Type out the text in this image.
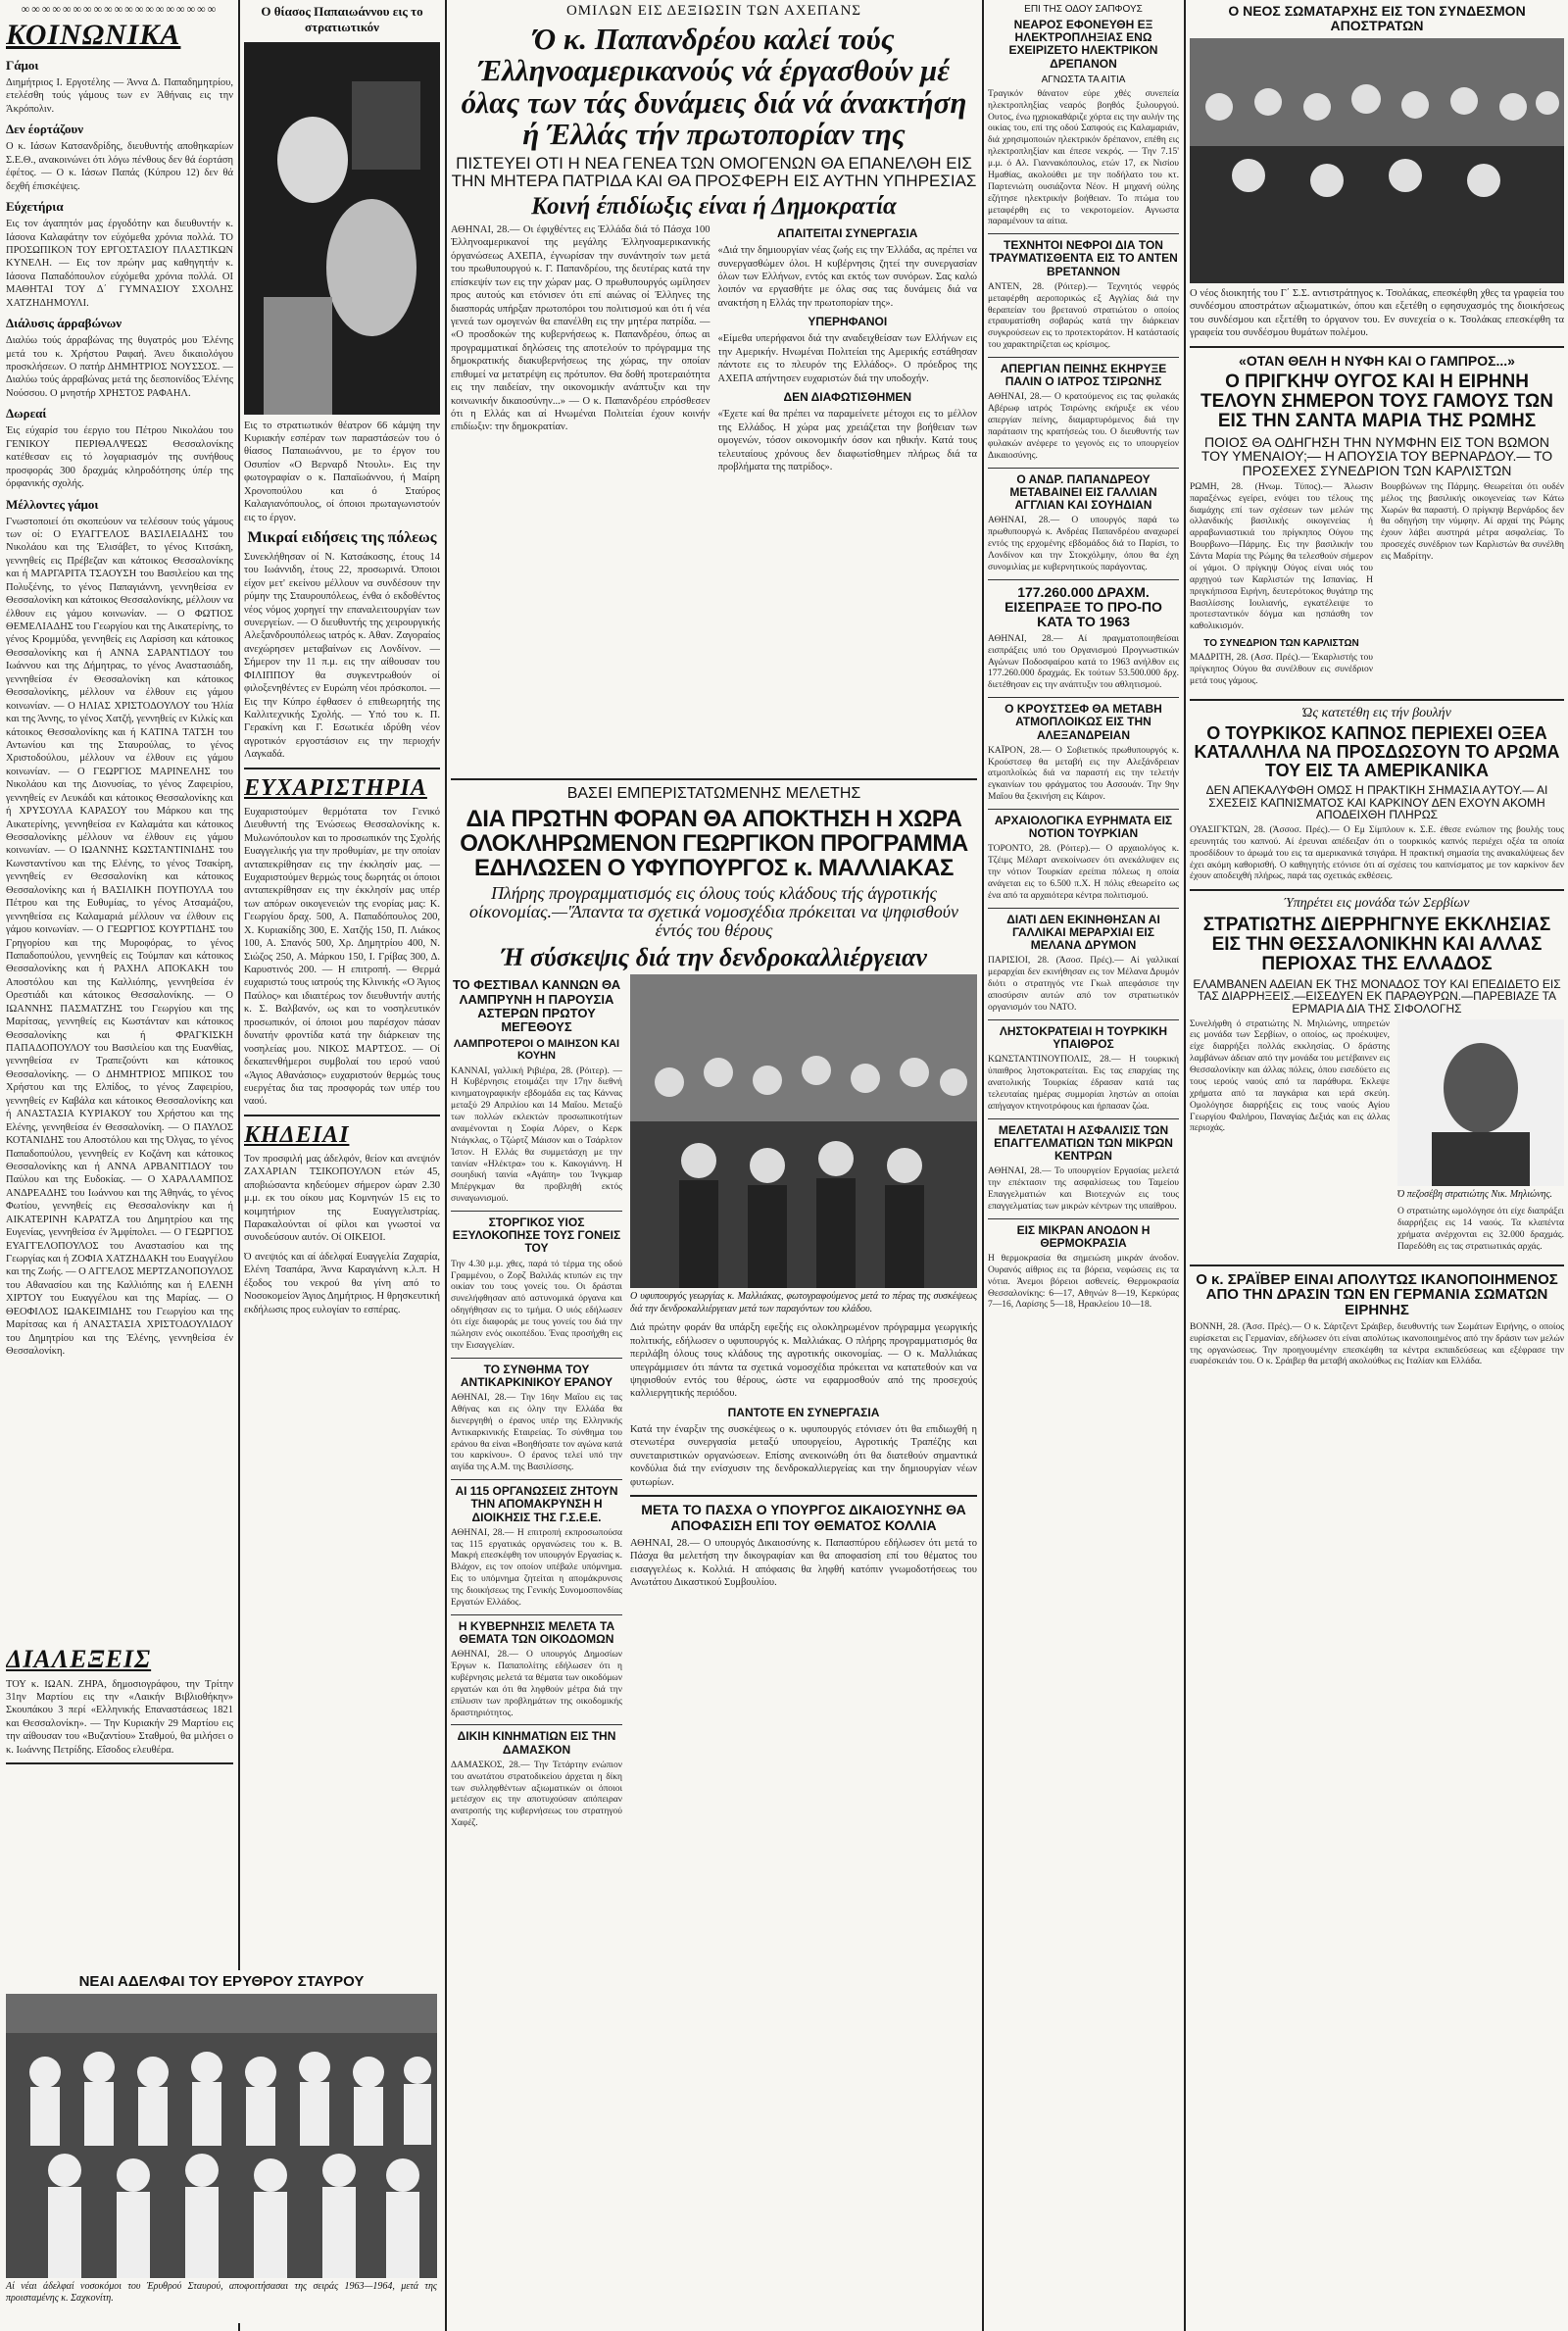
∞∞∞∞∞∞∞∞∞∞∞∞∞∞∞∞∞∞∞
ΚΟΙΝΩΝΙΚΑ
Γάμοι

Διημήτριος Ι. Εργοτέλης — Άννα Δ. Παπαδημητρίου, ετελέσθη τούς γάμους των εν Άθήναις εις την Άκρόπολιν.

Δεν έορτάζουν

Ο κ. Ιάσων Κατσανδρίδης, διευθυντής αποθηκαρίων Σ.Ε.Θ., ανακοινώνει ότι λόγω πένθους δεν θά έορτάση έφέτος. — Ο κ. Ιάσων Παπάς (Κύπρου 12) δεν θά δεχθή έπισκέψεις.

Εύχετήρια

Εις τον άγαπητόν μας έργοδότην και διευθυντήν κ. Ιάσονα Καλαφάτην τον εύχόμεθα χρόνια πολλά. ΤΟ ΠΡΟΣΩΠΙΚΟΝ ΤΟΥ ΕΡΓΟΣΤΑΣΙΟΥ ΠΛΑΣΤΙΚΩΝ ΚΥΝΕΛΗ. — Εις τον πρώην μας καθηγητήν κ. Ιάσονα Παπαδόπουλον εύχόμεθα χρόνια πολλά. ΟΙ ΜΑΘΗΤΑΙ ΤΟΥ Δ΄ ΓΥΜΝΑΣΙΟΥ ΣΧΟΛΗΣ ΧΑΤΖΗΔΗΜΟΥΛΙ.

Διάλυσις άρραβώνων

Διαλύω τούς άρραβώνας της θυγατρός μου Έλένης μετά του κ. Χρήστου Ραφαή. Άνευ δικαιολόγου προσκλήσεων. Ο πατήρ ΔΗΜΗΤΡΙΟΣ ΝΟΥΣΣΟΣ. — Διαλύω τούς άρραβώνας μετά της δεσποινίδος Έλένης Νούσσου. Ο μνηστήρ ΧΡΗΣΤΟΣ ΡΑΦΑΗΛ.

Δωρεαί

Έις εύχαρίσ του έεργιο του Πέτρου Νικολάου του ΓΕΝΙΚΟΥ ΠΕΡΙΘΑΛΨΕΩΣ Θεσσαλονίκης κατέθεσαν εις τό λογαριασμόν της συνήθους προσφοράς 300 δραχμάς κληροδότησης ύπέρ της όρφανικής σχολής.

Μέλλοντες γάμοι

Γνωστοποιεί ότι σκοπεύουν να τελέσουν τούς γάμους των οί: Ο ΕΥΑΓΓΕΛΟΣ ΒΑΣΙΛΕΙΑΔΗΣ του Νικολάου και της Έλισάβετ, το γένος Κιτσάκη, γεννηθείς εις Πρέβεζαν και κάτοικος Θεσσαλονίκης και ή ΜΑΡΓΑΡΙΤΑ ΤΣΑΟΥΣΗ του Βασιλείου και της Πολυξένης, το γένος Παπαγιάννη, γεννηθείσα εν Θεσσαλονίκη και κάτοικος Θεσσαλονίκης, μέλλουν να έλθουν εις γάμου κοινωνίαν. — Ο ΦΩΤΙΟΣ ΘΕΜΕΛΙΑΔΗΣ του Γεωργίου και της Αικατερίνης, το γένος Κρομμύδα, γεννηθείς εις Λαρίσση και κάτοικος Θεσσαλονίκης και ή ΑΝΝΑ ΣΑΡΑΝΤΙΔΟΥ του Ιωάννου και της Δήμητρας, το γένος Αναστασιάδη, γεννηθείσα έν Θεσσαλονίκη και κάτοικος Θεσσαλονίκης, μέλλουν να έλθουν εις γάμου κοινωνίαν. — Ο ΗΛΙΑΣ ΧΡΙΣΤΟΔΟΥΛΟΥ του Ήλία και της Άννης, το γένος Χατζή, γεννηθείς εν Κιλκίς και κάτοικος Θεσσαλονίκης και ή ΚΑΤΙΝΑ ΤΑΤΣΗ του Αντωνίου και της Σταυρούλας, το γένος Χριστοδούλου, μέλλουν να έλθουν εις γάμου κοινωνίαν. — Ο ΓΕΩΡΓΙΟΣ ΜΑΡΙΝΕΛΗΣ του Νικολάου και της Διονυσίας, το γένος Ζαφειρίου, γεννηθείς εν Λευκάδι και κάτοικος Θεσσαλονίκης και ή ΧΡΥΣΟΥΛΑ ΚΑΡΑΣΟΥ του Μάρκου και της Αικατερίνης, γεννηθείσα εν Καλαμάτα και κάτοικος Θεσσαλονίκης μέλλουν να έλθουν εις γάμου κοινωνίαν. — Ο ΙΩΑΝΝΗΣ ΚΩΣΤΑΝΤΙΝΙΔΗΣ του Κωνσταντίνου και της Ελένης, το γένος Τσακίρη, γεννηθείς εν Θεσσαλονίκη και κάτοικος Θεσσαλονίκης και ή ΒΑΣΙΛΙΚΗ ΠΟΥΠΟΥΛΑ του Πέτρου και της Ευθυμίας, το γένος Ατσαμάζου, γεννηθείσα εις Καλαμαριά μέλλουν να έλθουν εις γάμου κοινωνίαν. — Ο ΓΕΩΡΓΙΟΣ ΚΟΥΡΤΙΔΗΣ του Γρηγορίου και της Μυροφόρας, το γένος Παπαδοπούλου, γεννηθείς εις Τούμπαν και κάτοικος Θεσσαλονίκης και ή ΡΑΧΗΛ ΑΠΟΚΑΚΗ του Αποστόλου και της Καλλιόπης, γεννηθείσα έν Ορεστιάδι και κάτοικος Θεσσαλονίκης. — Ο ΙΩΑΝΝΗΣ ΠΑΣΜΑΤΖΗΣ του Γεωργίου και της Μαρίτσας, γεννηθείς εις Κωστάνταν και κάτοικος Θεσσαλονίκης και ή ΦΡΑΓΚΙΣΚΗ ΠΑΠΑΔΟΠΟΥΛΟΥ του Βασιλείου και της Ευανθίας, γεννηθείσα εν Τραπεζούντι και κάτοικος Θεσσαλονίκης. — Ο ΔΗΜΗΤΡΙΟΣ ΜΠΙΚΟΣ του Χρήστου και της Ελπίδος, το γένος Ζαφειρίου, γεννηθείς εν Καβάλα και κάτοικος Θεσσαλονίκης και ή ΑΝΑΣΤΑΣΙΑ ΚΥΡΙΑΚΟΥ του Χρήστου και της Ελένης, γεννηθείσα έν Θεσσαλονίκη. — Ο ΠΑΥΛΟΣ ΚΟΤΑΝΙΔΗΣ του Αποστόλου και της Όλγας, το γένος Παπαδοπούλου, γεννηθείς εν Κοζάνη και κάτοικος Θεσσαλονίκης και ή ΑΝΝΑ ΑΡΒΑΝΙΤΙΔΟΥ του Παύλου και της Ευδοκίας. — Ο ΧΑΡΑΛΑΜΠΟΣ ΑΝΔΡΕΑΔΗΣ του Ιωάννου και της Άθηνάς, το γένος Φωτίου, γεννηθείς εις Θεσσαλονίκην και ή ΑΙΚΑΤΕΡΙΝΗ ΚΑΡΑΤΖΑ του Δημητρίου και της Ευγενίας, γεννηθείσα έν Άμφίπολει. — Ο ΓΕΩΡΓΙΟΣ ΕΥΑΓΓΕΛΟΠΟΥΛΟΣ του Αναστασίου και της Γεωργίας και ή ΖΟΦΙΑ ΧΑΤΖΗΔΑΚΗ του Ευαγγέλου και της Ζωής. — Ο ΑΓΓΕΛΟΣ ΜΕΡΤΖΑΝΟΠΟΥΛΟΣ του Αθανασίου και της Καλλιόπης και ή ΕΛΕΝΗ ΧΙΡΤΟΥ του Ευαγγέλου και της Μαρίας. — Ο ΘΕΟΦΙΛΟΣ ΙΩΑΚΕΙΜΙΔΗΣ του Γεωργίου και της Μαρίτσας και ή ΑΝΑΣΤΑΣΙΑ ΧΡΙΣΤΟΔΟΥΛΙΔΟΥ του Δημητρίου και της Έλένης, γεννηθείσα έν Θεσσαλονίκη.

ΔΙΑΛΕΞΕΙΣ

ΤΟΥ κ. ΙΩΑΝ. ΖΗΡΑ, δημοσιογράφου, την Τρίτην 31ην Μαρτίου εις την «Λαικήν Βιβλιοθήκην» Σκουπάκου 3 περί «Ελληνικής Επαναστάσεως 1821 και Θεσσαλονίκη». — Την Κυριακήν 29 Μαρτίου εις την αίθουσαν του «Βυζαντίου» Σταθμού, θα μιλήσει ο κ. Ιωάννης Πετρίδης. Εΐσοδος ελευθέρα.

ΝΕΑΙ ΑΔΕΛΦΑΙ ΤΟΥ ΕΡΥΘΡΟΥ ΣΤΑΥΡΟΥ
Αί νέαι άδελφαί νοσοκόμοι του Έρυθρού Σταυρού, αποφοιτήσασαι της σειράς 1963—1964, μετά της προισταμένης κ. Σαχκονίτη.
Ο θίασος Παπαιωάννου εις το στρατιωτικόν

Εις το στρατιωτικόν θέατρον 66 κάμψη την Κυριακήν εσπέραν των παραστάσεών του ό θίασος Παπαιωάννου, με το έργον του Οσυπίον «Ο Βερναρδ Ντουλι». Εις την φωτογραφίαν ο κ. Παπαϊωάννου, ή Μαίρη Χρονοπούλου και ό Σταύρος Καλαγιανόπουλος, οί όποιοι πρωταγωνιστούν εις το έργον.

Μικραί ειδήσεις της πόλεως

Συνεκλήθησαν οί Ν. Κατσάκοσης, έτους 14 του Ιωάννιδη, έτους 22, προσωρινά. Όποιοι είχον μετ' εκείνου μέλλουν να συνδέσουν την ρύμην της Σταυρουπόλεως, ένθα ό εκδοθέντος νέος νόμος χορηγεί την επαναλειτουργίαν των συνεργείων. — Ο διευθυντής της χειρουργικής Αλεξανδρουπόλεως ιατρός κ. Αθαν. Ζαγοραίος ανεχώρησεν μεταβαίνων εις Λονδίνον. — Σήμερον την 11 π.μ. εις την αίθουσαν του ΦΙΛΙΠΠΟΥ θα συγκεντρωθούν οί φιλοξενηθέντες εν Ευρώπη νέοι πρόσκοποι. — Εις την Κύπρο έφθασεν ό επιθεωρητής της Καλλιτεχνικής Σχολής. — Υπό του κ. Π. Γερακίνη και Γ. Εσωτικέα ιδρύθη νέον αγροτικόν εργοστάσιον εις την περιοχήν Λαγκαδά.

ΕΥΧΑΡΙΣΤΗΡΙΑ

Ευχαριστούμεν θερμότατα τον Γενικό Διευθυντή της Ένώσεως Θεσσαλονίκης κ. Μυλωνόπουλον και το προσωπικόν της Σχολής Ευαγγελικής για την προθυμίαν, με την οποίαν ανταπεκρίθησαν εις την έκκλησίν μας. — Ευχαριστούμεν θερμώς τους δωρητάς οι όποιοι ανταπεκρίθησαν εις την έκκλησίν μας υπέρ των απόρων οικογενειών της ενορίας μας: Κ. Γεωργίου δραχ. 500, Α. Παπαδόπουλος 200, Χ. Κυριακίδης 300, Ε. Χατζής 150, Π. Λιάκος 100, Α. Σπανός 500, Χρ. Δημητρίου 400, Ν. Σιώζος 250, Α. Μάρκου 150, Ι. Γρίβας 300, Δ. Καρυστινός 200. — Η επιτροπή. — Θερμά ευχαριστώ τους ιατρούς της Κλινικής «Ο Άγιος Παύλος» και ιδιαιτέρως τον διευθυντήν αυτής κ. Σ. Βαλβανόν, ως και το νοσηλευτικόν προσωπικόν, οί όποιοι μου παρέσχον πάσαν δυνατήν φροντίδα κατά την διάρκειαν της νοσηλείας μου. ΝΙΚΟΣ ΜΑΡΤΣΟΣ. — Οί δεκαπενθήμεροι συμβολαί του ιερού ναού «Άγιος Αθανάσιος» ευχαριστούν θερμώς τους ευεργέτας δια τας προσφοράς των υπέρ του ναού.

ΚΗΔΕΙΑΙ

Τον προσφιλή μας άδελφόν, θείον και ανεψιόν ΖΑΧΑΡΙΑΝ ΤΣΙΚΟΠΟΥΛΟΝ ετών 45, αποβιώσαντα κηδεύομεν σήμερον ώραν 2.30 μ.μ. εκ του οίκου μας Κομνηνών 15 εις το κοιμητήριον της Ευαγγελιστρίας. Παρακαλούνται οί φίλοι και γνωστοί να συνοδεύσουν αυτόν. Οί ΟΙΚΕΙΟΙ.

Ό ανεψιός και αί άδελφαί Ευαγγελία Ζαχαρία, Ελένη Τσαπάρα, Άννα Καραγιάννη κ.λ.π. Η έξοδος του νεκρού θα γίνη από το Νοσοκομείον Άγιος Δημήτριος. Η θρησκευτική εκδήλωσις προς ευλογίαν το εσπέρας.

ΟΜΙΛΩΝ ΕΙΣ ΔΕΞΙΩΣΙΝ ΤΩΝ ΑΧΕΠΑΝΣ
Ό κ. Παπανδρέου καλεί τούς Έλληνοαμερικανούς νά έργασθούν μέ όλας των τάς δυνάμεις διά νά άνακτήση ή Έλλάς τήν πρωτοπορίαν της
ΠΙΣΤΕΥΕΙ ΟΤΙ Η ΝΕΑ ΓΕΝΕΑ ΤΩΝ ΟΜΟΓΕΝΩΝ ΘΑ ΕΠΑΝΕΛΘΗ ΕΙΣ ΤΗΝ ΜΗΤΕΡΑ ΠΑΤΡΙΔΑ ΚΑΙ ΘΑ ΠΡΟΣΦΕΡΗ ΕΙΣ ΑΥΤΗΝ ΥΠΗΡΕΣΙΑΣ
Κοινή έπιδίωξις είναι ή Δημοκρατία

ΑΘΗΝΑΙ, 28.— Οι έφιχθέντες εις Έλλάδα διά τό Πάσχα 100 Έλληνοαμερικανοί της μεγάλης Έλληνοαμερικανικής όργανώσεως ΑΧΕΠΑ, έγνωρίσαν την συνάντησίν των μετά του πρωθυπουργού κ. Γ. Παπανδρέου, της δευτέρας κατά την επίσκεψίν των εις την χώραν μας. Ο πρωθυπουργός ωμίλησεν προς αυτούς και ετόνισεν ότι επί αιώνας οί Έλληνες της διασποράς υπήρξαν πρωτοπόροι του πολιτισμού και ότι ή νέα γενεά των ομογενών θα επανέλθη εις την μητέρα πατρίδα. — «Ο προσδοκών της κυβερνήσεως κ. Παπανδρέου, όπως αι προγραμματικαί δηλώσεις της αποτελούν το πρόγραμμα της δημοκρατικής διακυβερνήσεως της χώρας, την οποίαν επιθυμεί να μετατρέψη εις πρότυπον. Θα δοθή προτεραιότητα εις την παιδείαν, την οικονομικήν ανάπτυξιν και την κοινωνικήν δικαιοσύνην...» — Ο κ. Παπανδρέου επρόσθεσεν ότι η Ελλάς και αί Ηνωμέναι Πολιτείαι έχουν κοινήν επιδίωξιν: την δημοκρατίαν.

ΑΠΑΙΤΕΙΤΑΙ ΣΥΝΕΡΓΑΣΙΑ

«Διά την δημιουργίαν νέας ζωής εις την Έλλάδα, ας πρέπει να συνεργασθώμεν όλοι. Η κυβέρνησις ζητεί την συνεργασίαν όλων των Ελλήνων, εντός και εκτός των συνόρων. Σας καλώ λοιπόν να εργασθήτε με όλας σας τας δυνάμεις διά να ανακτήση η Ελλάς την πρωτοπορίαν της».

ΥΠΕΡΗΦΑΝΟΙ

«Είμεθα υπερήφανοι διά την αναδειχθείσαν των Ελλήνων εις την Αμερικήν. Ηνωμέναι Πολιτείαι της Αμερικής εστάθησαν πάντοτε εις το πλευρόν της Ελλάδος». Ο πρόεδρος της ΑΧΕΠΑ απήντησεν ευχαριστών διά την υποδοχήν.

ΔΕΝ ΔΙΑΦΩΤΙΣΘΗΜΕΝ

«Έχετε καί θα πρέπει να παραμείνετε μέτοχοι εις το μέλλον της Ελλάδος. Η χώρα μας χρειάζεται την βοήθειαν των ομογενών, τόσον οικονομικήν όσον και ηθικήν. Κατά τους τελευταίους χρόνους δεν διαφωτίσθημεν πλήρως διά τα προβλήματα της πατρίδος».

ΒΑΣΕΙ ΕΜΠΕΡΙΣΤΑΤΩΜΕΝΗΣ ΜΕΛΕΤΗΣ
ΔΙΑ ΠΡΩΤΗΝ ΦΟΡΑΝ ΘΑ ΑΠΟΚΤΗΣΗ Η ΧΩΡΑ ΟΛΟΚΛΗΡΩΜΕΝΟΝ ΓΕΩΡΓΙΚΟΝ ΠΡΟΓΡΑΜΜΑ ΕΔΗΛΩΣΕΝ Ο ΥΦΥΠΟΥΡΓΟΣ κ. ΜΑΛΛΙΑΚΑΣ
Πλήρης προγραμματισμός εις όλους τούς κλάδους τής άγροτικής οίκονομίας.—'Άπαντα τα σχετικά νομοσχέδια πρόκειται να ψηφισθούν έντός του θέρους
Ή σύσκεψις διά την δενδροκαλλιέργειαν
ΤΟ ΦΕΣΤΙΒΑΛ ΚΑΝΝΩΝ ΘΑ ΛΑΜΠΡΥΝΗ Η ΠΑΡΟΥΣΙΑ ΑΣΤΕΡΩΝ ΠΡΩΤΟΥ ΜΕΓΕΘΟΥΣ
ΛΑΜΠΡΟΤΕΡΟΙ Ο ΜΑΙΗΣΟΝ ΚΑΙ ΚΟΥΗΝ

ΚΑΝΝΑΙ, γαλλική Ριβιέρα, 28. (Ρόιτερ). — Η Κυβέρνησις ετοιμάζει την 17ην διεθνή κινηματογραφικήν εβδομάδα εις τας Κάννας μεταξύ 29 Απριλίου και 14 Μαΐου. Μεταξύ των πολλών εκλεκτών προσωπικοτήτων αναμένονται η Σοφία Λόρεν, ο Κερκ Ντάγκλας, ο Τζώρτζ Μάισον και ο Τσάρλτον Ίστον. Η Ελλάς θα συμμετάσχη με την ταινίαν «Ηλέκτρα» του κ. Κακογιάννη. Η σουηδική ταινία «Αγάπη» του Ίνγκμαρ Μπέργκμαν θα προβληθή εκτός συναγωνισμού.

ΣΤΟΡΓΙΚΟΣ ΥΙΟΣ ΕΞΥΛΟΚΟΠΗΣΕ ΤΟΥΣ ΓΟΝΕΙΣ ΤΟΥ

Την 4.30 μ.μ. χθες, παρά τό τέρμα της οδού Γραμμένου, ο Ζορζ Βαλιλάς κτυπών εις την οικίαν του τους γονείς του. Οι δράσται συνελήφθησαν από αστυνομικά όργανα και οδηγήθησαν εις το τμήμα. Ο υιός εδήλωσεν ότι είχε διαφοράς με τους γονείς του διά την πώλησιν ενός οικοπέδου. Ένας προσήχθη εις την Εισαγγελίαν.

ΤΟ ΣΥΝΘΗΜΑ ΤΟΥ ΑΝΤΙΚΑΡΚΙΝΙΚΟΥ ΕΡΑΝΟΥ

ΑΘΗΝΑΙ, 28.— Την 16ην Μαΐου εις τας Αθήνας και εις όλην την Ελλάδα θα διενεργηθή ο έρανος υπέρ της Ελληνικής Αντικαρκινικής Εταιρείας. Το σύνθημα του εράνου θα είναι «Βοηθήσατε τον αγώνα κατά του καρκίνου». Ο έρανος τελεί υπό την αιγίδα της Α.Μ. της Βασιλίσσης.

ΑΙ 115 ΟΡΓΑΝΩΣΕΙΣ ΖΗΤΟΥΝ ΤΗΝ ΑΠΟΜΑΚΡΥΝΣΗ Η ΔΙΟΙΚΗΣΙΣ ΤΗΣ Γ.Σ.Ε.Ε.

ΑΘΗΝΑΙ, 28.— Η επιτροπή εκπροσωπούσα τας 115 εργατικάς οργανώσεις του κ. Β. Μακρή επεσκέφθη τον υπουργόν Εργασίας κ. Βλάχον, εις τον οποίον υπέβαλε υπόμνημα. Εις το υπόμνημα ζητείται η απομάκρυνσις της διοικήσεως της Γενικής Συνομοσπονδίας Εργατών Ελλάδος.

Η ΚΥΒΕΡΝΗΣΙΣ ΜΕΛΕΤΑ ΤΑ ΘΕΜΑΤΑ ΤΩΝ ΟΙΚΟΔΟΜΩΝ

ΑΘΗΝΑΙ, 28.— Ο υπουργός Δημοσίων Έργων κ. Παπαπολίτης εδήλωσεν ότι η κυβέρνησις μελετά τα θέματα των οικοδόμων εργατών και ότι θα ληφθούν μέτρα διά την επίλυσιν των προβλημάτων της οικοδομικής δραστηριότητος.

ΔΙΚΙΗ ΚΙΝΗΜΑΤΙΩΝ ΕΙΣ ΤΗΝ ΔΑΜΑΣΚΟΝ

ΔΑΜΑΣΚΟΣ, 28.— Την Τετάρτην ενώπιον του ανωτάτου στρατοδικείου άρχεται η δίκη των συλληφθέντων αξιωματικών οι όποιοι μετέσχον εις την αποτυχούσαν απόπειραν ανατροπής της κυβερνήσεως του στρατηγού Χαφέζ.

Ο υφυπουργός γεωργίας κ. Μαλλιάκας, φωτογραφούμενος μετά το πέρας της συσκέψεως διά την δενδροκαλλιέργειαν μετά των παραγόντων του κλάδου.

Διά πρώτην φοράν θα υπάρξη εφεξής εις ολοκληρωμένον πρόγραμμα γεωργικής πολιτικής, εδήλωσεν ο υφυπουργός κ. Μαλλιάκας. Ο πλήρης προγραμματισμός θα περιλάβη όλους τους κλάδους της αγροτικής οικονομίας. — Ο κ. Μαλλιάκας υπεγράμμισεν ότι πάντα τα σχετικά νομοσχέδια πρόκειται να κατατεθούν και να ψηφισθούν εντός του θέρους, ώστε να εφαρμοσθούν από της προσεχούς καλλιεργητικής περιόδου.

ΠΑΝΤΟΤΕ ΕΝ ΣΥΝΕΡΓΑΣΙΑ

Κατά την έναρξιν της συσκέψεως ο κ. υφυπουργός ετόνισεν ότι θα επιδιωχθή η στενωτέρα συνεργασία μεταξύ υπουργείου, Αγροτικής Τραπέζης και συνεταιριστικών οργανώσεων. Επίσης ανεκοινώθη ότι θα διατεθούν σημαντικά κονδύλια διά την ενίσχυσιν της δενδροκαλλιεργείας και την δημιουργίαν νέων φυτωρίων.

ΜΕΤΑ ΤΟ ΠΑΣΧΑ Ο ΥΠΟΥΡΓΟΣ ΔΙΚΑΙΟΣΥΝΗΣ ΘΑ ΑΠΟΦΑΣΙΣΗ ΕΠΙ ΤΟΥ ΘΕΜΑΤΟΣ ΚΟΛΛΙΑ

ΑΘΗΝΑΙ, 28.— Ο υπουργός Δικαιοσύνης κ. Παπασπύρου εδήλωσεν ότι μετά το Πάσχα θα μελετήση την δικογραφίαν και θα αποφασίση επί του θέματος του εισαγγελέως κ. Κολλιά. Η απόφασις θα ληφθή κατόπιν γνωμοδοτήσεως του Ανωτάτου Δικαστικού Συμβουλίου.

ΕΠΙ ΤΗΣ ΟΔΟΥ ΣΑΠΦΟΥΣ
ΝΕΑΡΟΣ ΕΦΟΝΕΥΘΗ ΕΞ ΗΛΕΚΤΡΟΠΛΗΞΙΑΣ ΕΝΩ ΕΧΕΙΡΙΖΕΤΟ ΗΛΕΚΤΡΙΚΟΝ ΔΡΕΠΑΝΟΝ
ΑΓΝΩΣΤΑ ΤΑ ΑΙΤΙΑ

Τραγικόν θάνατον εύρε χθές συνεπεία ηλεκτροπληξίας νεαρός βοηθός ξυλουργού. Ουτος, ένω ηχριοκαθάριζε χόρτα εις την αυλήν της οικίας του, επί της οδού Σαπφούς εις Καλαμαριάν, διά χρησιμοποιών ηλεκτρικόν δρέπανον, επέθη εις ηλεκτροπληξίαν και έπεσε νεκρός. — Την 7.15' μ.μ. ό Αλ. Γιαννακόπουλος, ετών 17, εκ Νισίου Ημαθίας, ακολούθει με την ποδήλατο του κτ. Παρτενιώτη ουσιάζοντα Νέον. Η μηχανή ούλης εζήτησε ηλεκτρικήν βοήθειαν. Το πτώμα του μεταφέρθη εις το νεκροτομείον. Αγνωστα παραμένουν τα αίτια.

ΤΕΧΝΗΤΟΙ ΝΕΦΡΟΙ ΔΙΑ ΤΟΝ ΤΡΑΥΜΑΤΙΣΘΕΝΤΑ ΕΙΣ ΤΟ ΑΝΤΕΝ ΒΡΕΤΑΝΝΟΝ

ΑΝΤΕΝ, 28. (Ρόιτερ).— Τεχνητός νεφρός μεταφέρθη αεροπορικώς εξ Αγγλίας διά την θεραπείαν του βρετανού στρατιώτου ο οποίος ετραυματίσθη σοβαρώς κατά την διάρκειαν συγκρούσεων εις το προτεκτοράτον. Η κατάστασίς του χαρακτηρίζεται ως κρίσιμος.

ΑΠΕΡΓΙΑΝ ΠΕΙΝΗΣ ΕΚΗΡΥΞΕ ΠΑΛΙΝ Ο ΙΑΤΡΟΣ ΤΣΙΡΩΝΗΣ

ΑΘΗΝΑΙ, 28.— Ο κρατούμενος εις τας φυλακάς Αβέρωφ ιατρός Τσιρώνης εκήρυξε εκ νέου απεργίαν πείνης, διαμαρτυρόμενος διά την παράτασιν της κρατήσεώς του. Ο διευθυντής των φυλακών ανέφερε το γεγονός εις το υπουργείον Δικαιοσύνης.

Ο ΑΝΔΡ. ΠΑΠΑΝΔΡΕΟΥ ΜΕΤΑΒΑΙΝΕΙ ΕΙΣ ΓΑΛΛΙΑΝ ΑΓΓΛΙΑΝ ΚΑΙ ΣΟΥΗΔΙΑΝ

ΑΘΗΝΑΙ, 28.— Ο υπουργός παρά τω πρωθυπουργώ κ. Ανδρέας Παπανδρέου αναχωρεί εντός της ερχομένης εβδομάδος διά το Παρίσι, το Λονδίνον και την Στοκχόλμην, όπου θα έχη συνομιλίας με κυβερνητικούς παράγοντας.

177.260.000 ΔΡΑΧΜ. ΕΙΣΕΠΡΑΞΕ ΤΟ ΠΡΟ-ΠΟ ΚΑΤΑ ΤΟ 1963

ΑΘΗΝΑΙ, 28.— Αί πραγματοποιηθείσαι εισπράξεις υπό του Οργανισμού Προγνωστικών Αγώνων Ποδοσφαίρου κατά το 1963 ανήλθον εις 177.260.000 δραχμάς. Εκ τούτων 53.500.000 δρχ. διετέθησαν εις την ανάπτυξιν του αθλητισμού.

Ο ΚΡΟΥΣΤΣΕΦ ΘΑ ΜΕΤΑΒΗ ΑΤΜΟΠΛΟΙΚΩΣ ΕΙΣ ΤΗΝ ΑΛΕΞΑΝΔΡΕΙΑΝ

ΚΑΪΡΟΝ, 28.— Ο Σοβιετικός πρωθυπουργός κ. Κρούστσεφ θα μεταβή εις την Αλεξάνδρειαν ατμοπλοϊκώς διά να παραστή εις την τελετήν εγκαινίων του φράγματος του Ασσουάν. Την 9ην Μαΐου θα ξεκινήση εις Κάιρον.

ΑΡΧΑΙΟΛΟΓΙΚΑ ΕΥΡΗΜΑΤΑ ΕΙΣ ΝΟΤΙΟΝ ΤΟΥΡΚΙΑΝ

ΤΟΡΟΝΤΟ, 28. (Ρόιτερ).— Ο αρχαιολόγος κ. Τζέιμς Μέλαρτ ανεκοίνωσεν ότι ανεκάλυψεν εις την νότιον Τουρκίαν ερείπια πόλεως η οποία ανάγεται εις το 6.500 π.Χ. Η πόλις εθεωρείτο ως ένα από τα αρχαιότερα κέντρα πολιτισμού.

ΔΙΑΤΙ ΔΕΝ ΕΚΙΝΗΘΗΣΑΝ ΑΙ ΓΑΛΛΙΚΑΙ ΜΕΡΑΡΧΙΑΙ ΕΙΣ ΜΕΛΑΝΑ ΔΡΥΜΟΝ

ΠΑΡΙΣΙΟΙ, 28. (Άσοσ. Πρές).— Αί γαλλικαί μεραρχίαι δεν εκινήθησαν εις τον Μέλανα Δρυμόν διότι ο στρατηγός ντε Γκωλ απεφάσισε την αποσύρσιν αυτών από τον στρατιωτικόν οργανισμόν του ΝΑΤΟ.

ΛΗΣΤΟΚΡΑΤΕΙΑΙ Η ΤΟΥΡΚΙΚΗ ΥΠΑΙΘΡΟΣ

ΚΩΝΣΤΑΝΤΙΝΟΥΠΟΛΙΣ, 28.— Η τουρκική ύπαιθρος ληστοκρατείται. Εις τας επαρχίας της ανατολικής Τουρκίας έδρασαν κατά τας τελευταίας ημέρας συμμορίαι ληστών αι οποίαι απήγαγον κτηνοτρόφους και ήρπασαν ζώα.

ΜΕΛΕΤΑΤΑΙ Η ΑΣΦΑΛΙΣΙΣ ΤΩΝ ΕΠΑΓΓΕΛΜΑΤΙΩΝ ΤΩΝ ΜΙΚΡΩΝ ΚΕΝΤΡΩΝ

ΑΘΗΝΑΙ, 28.— Το υπουργείον Εργασίας μελετά την επέκτασιν της ασφαλίσεως του Ταμείου Επαγγελματιών και Βιοτεχνών εις τους επαγγελματίας των μικρών κέντρων της υπαίθρου.

ΕΙΣ ΜΙΚΡΑΝ ΑΝΟΔΟΝ Η ΘΕΡΜΟΚΡΑΣΙΑ

Η θερμοκρασία θα σημειώση μικράν άνοδον. Ουρανός αίθριος εις τα βόρεια, νεφώσεις εις τα νότια. Άνεμοι βόρειοι ασθενείς. Θερμοκρασία Θεσσαλονίκης: 6—17, Αθηνών 8—19, Κερκύρας 7—16, Λαρίσης 5—18, Ηρακλείου 10—18.

Ο ΝΕΟΣ ΣΩΜΑΤΑΡΧΗΣ ΕΙΣ ΤΟΝ ΣΥΝΔΕΣΜΟΝ ΑΠΟΣΤΡΑΤΩΝ

Ο νέος διοικητής του Γ΄ Σ.Σ. αντιστράτηγος κ. Τσολάκας, επεσκέφθη χθες τα γραφεία του συνδέσμου αποστράτων αξιωματικών, όπου και εξετέθη ο εφησυχασμός της διοικήσεως του συνδέσμου και εξετέθη το όργανον του. Εν συνεχεία ο κ. Τσολάκας επεσκέφθη τα γραφεία του συνδέσμου θυμάτων πολέμου.

«ΟΤΑΝ ΘΕΛΗ Η ΝΥΦΗ ΚΑΙ Ο ΓΑΜΠΡΟΣ...»
Ο ΠΡΙΓΚΗΨ ΟΥΓΟΣ ΚΑΙ Η ΕΙΡΗΝΗ ΤΕΛΟΥΝ ΣΗΜΕΡΟΝ ΤΟΥΣ ΓΑΜΟΥΣ ΤΩΝ ΕΙΣ ΤΗΝ ΣΑΝΤΑ ΜΑΡΙΑ ΤΗΣ ΡΩΜΗΣ
ΠΟΙΟΣ ΘΑ ΟΔΗΓΗΣΗ ΤΗΝ ΝΥΜΦΗΝ ΕΙΣ ΤΟΝ ΒΩΜΟΝ ΤΟΥ ΥΜΕΝΑΙΟΥ;— Η ΑΠΟΥΣΙΑ ΤΟΥ ΒΕΡΝΑΡΔΟΥ.— ΤΟ ΠΡΟΣΕΧΕΣ ΣΥΝΕΔΡΙΟΝ ΤΩΝ ΚΑΡΛΙΣΤΩΝ

ΡΩΜΗ, 28. (Ηνωμ. Τύπος).— Άλωσιν παραξένως εγείρει, ενόψει του τέλους της διαμάχης επί των σχέσεων των μελών της ολλανδικής βασιλικής οικογενείας ή αρραβωνιαστικιά του πρίγκηπος Ούγου της Βουρβωνο—Πάρμης. Εις την βασιλικήν του Σάντα Μαρία της Ρώμης θα τελεσθούν σήμερον οί γάμοι. Ο πρίγκηψ Ούγος είναι υιός του αρχηγού των Καρλιστών της Ισπανίας. Η πριγκήπισσα Ειρήνη, δευτερότοκος θυγάτηρ της Βασιλίσσης Ιουλιανής, εγκατέλειψε το προτεσταντικόν δόγμα και ησπάσθη τον καθολικισμόν.

ΤΟ ΣΥΝΕΔΡΙΟΝ ΤΩΝ ΚΑΡΛΙΣΤΩΝ

ΜΑΔΡΙΤΗ, 28. (Ασσ. Πρές).— Έκαρλιστής του πρίγκηπος Ούγου θα συνέλθουν εις συνέδριον μετά τους γάμους.

Βουρβώνων της Πάρμης. Θεωρείται ότι ουδέν μέλος της βασιλικής οικογενείας των Κάτω Χωρών θα παραστή. Ο πρίγκηψ Βερνάρδος δεν θα οδηγήση την νύμφην. Αί αρχαί της Ρώμης έχουν λάβει αυστηρά μέτρα ασφαλείας. Το προσεχές συνέδριον των Καρλιστών θα συνέλθη εις Μαδρίτην.

Ώς κατετέθη εις τήν βουλήν
Ο ΤΟΥΡΚΙΚΟΣ ΚΑΠΝΟΣ ΠΕΡΙΕΧΕΙ ΟΞΕΑ ΚΑΤΑΛΛΗΛΑ ΝΑ ΠΡΟΣΔΩΣΟΥΝ ΤΟ ΑΡΩΜΑ ΤΟΥ ΕΙΣ ΤΑ ΑΜΕΡΙΚΑΝΙΚΑ
ΔΕΝ ΑΠΕΚΑΛΥΦΘΗ ΟΜΩΣ Η ΠΡΑΚΤΙΚΗ ΣΗΜΑΣΙΑ ΑΥΤΟΥ.— ΑΙ ΣΧΕΣΕΙΣ ΚΑΠΝΙΣΜΑΤΟΣ ΚΑΙ ΚΑΡΚΙΝΟΥ ΔΕΝ ΕΧΟΥΝ ΑΚΟΜΗ ΑΠΟΔΕΙΧΘΗ ΠΛΗΡΩΣ

ΟΥΑΣΙΓΚΤΩΝ, 28. (Άσσοσ. Πρές).— Ο Εμ Σίμπλουν κ. Σ.Ε. έθεσε ενώπιον της βουλής τους ερευνητάς του καπνού. Αί έρευναι απέδειξαν ότι ο τουρκικός καπνός περιέχει οξέα τα οποία προσδίδουν το άρωμά του εις τα αμερικανικά τσιγάρα. Η πρακτική σημασία της ανακαλύψεως δεν έχει ακόμη καθορισθή. Ο καθηγητής ετόνισε ότι αί σχέσεις του καπνίσματος με τον καρκίνον δεν έχουν αποδειχθή πλήρως, παρά τας σχετικάς εκθέσεις.

Ύπηρέτει εις μονάδα τών Σερβίων
ΣΤΡΑΤΙΩΤΗΣ ΔΙΕΡΡΗΓΝΥΕ ΕΚΚΛΗΣΙΑΣ ΕΙΣ ΤΗΝ ΘΕΣΣΑΛΟΝΙΚΗΝ ΚΑΙ ΑΛΛΑΣ ΠΕΡΙΟΧΑΣ ΤΗΣ ΕΛΛΑΔΟΣ
ΕΛΑΜΒΑΝΕΝ ΑΔΕΙΑΝ ΕΚ ΤΗΣ ΜΟΝΑΔΟΣ ΤΟΥ ΚΑΙ ΕΠΕΔΙΔΕΤΟ ΕΙΣ ΤΑΣ ΔΙΑΡΡΗΞΕΙΣ.—ΕΙΣΕΔΥΕΝ ΕΚ ΠΑΡΑΘΥΡΩΝ.—ΠΑΡΕΒΙΑΖΕ ΤΑ ΕΡΜΑΡΙΑ ΔΙΑ ΤΗΣ ΣΙΦΟΛΟΓΗΣ

Συνελήφθη ό στρατιώτης Ν. Μηλιώνης, υπηρετών εις μονάδα των Σερβίων, ο οποίος, ως προέκυψεν, είχε διαρρήξει πολλάς εκκλησίας. Ο δράστης λαμβάνων άδειαν από την μονάδα του μετέβαινεν εις Θεσσαλονίκην και άλλας πόλεις, όπου εισεδύετο εις τους ιερούς ναούς από τα παράθυρα. Έκλεψε χρήματα από τα παγκάρια και ιερά σκεύη. Ομολόγησε διαρρήξεις εις τους ναούς Αγίου Γεωργίου Φαλήρου, Παναγίας Δεξιάς και εις άλλας περιοχάς.

Ό πεζοσέβη στρατιώτης Νικ. Μηλιώνης.

Ο στρατιώτης ωμολόγησε ότι είχε διαπράξει διαρρήξεις εις 14 ναούς. Τα κλαπέντα χρήματα ανέρχονται εις 32.000 δραχμάς. Παρεδόθη εις τας στρατιωτικάς αρχάς.

Ο κ. ΣΡΑΪΒΕΡ ΕΙΝΑΙ ΑΠΟΛΥΤΩΣ ΙΚΑΝΟΠΟΙΗΜΕΝΟΣ ΑΠΟ ΤΗΝ ΔΡΑΣΙΝ ΤΩΝ ΕΝ ΓΕΡΜΑΝΙΑ ΣΩΜΑΤΩΝ ΕΙΡΗΝΗΣ

ΒΟΝΝΗ, 28. (Άσσ. Πρές).— Ο κ. Σάρτζεντ Σράιβερ, διευθυντής των Σωμάτων Ειρήνης, ο οποίος ευρίσκεται εις Γερμανίαν, εδήλωσεν ότι είναι απολύτως ικανοποιημένος από την δράσιν των μελών της οργανώσεως. Την προηγουμένην επεσκέφθη τα κέντρα εκπαιδεύσεως και εξέφρασε την ευαρέσκειάν του. Ο κ. Σράιβερ θα μεταβή ακολούθως εις Ιταλίαν και Ελλάδα.
